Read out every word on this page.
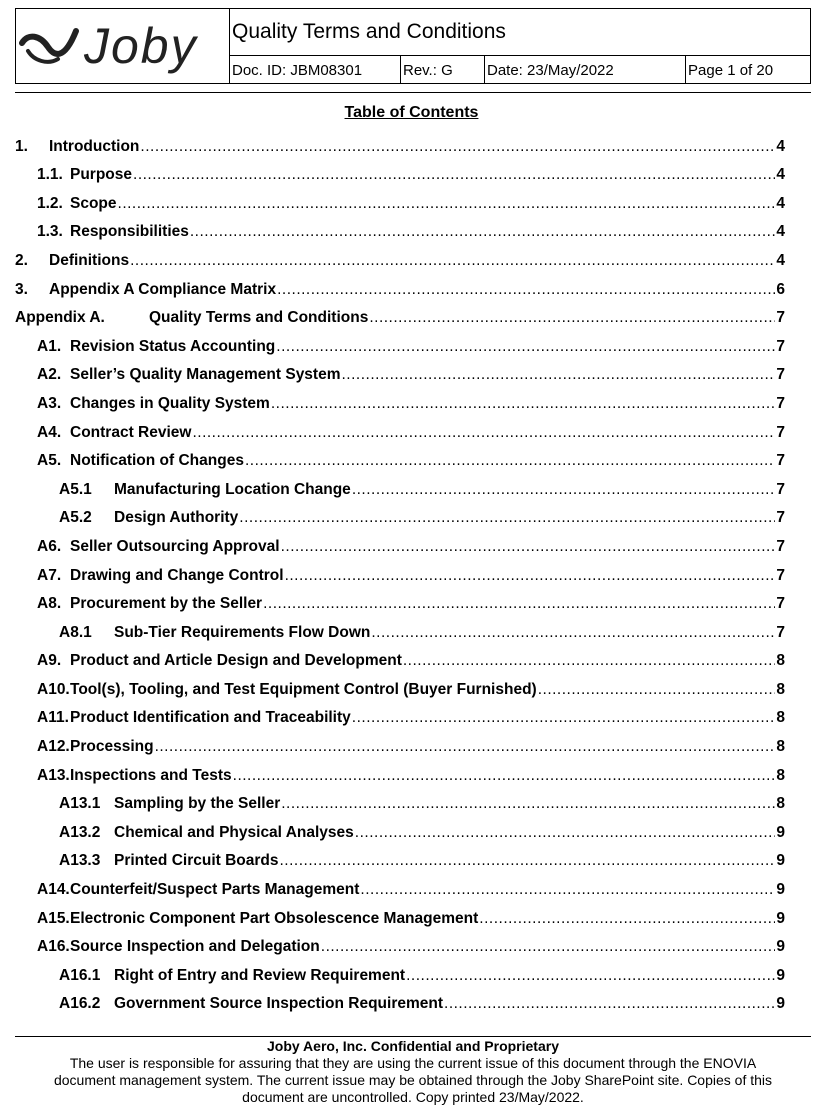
Joby Quality Terms and Conditions
Doc. ID: JBM08301	Rev.: G	Date: 23/May/2022	Page 1 of 20
Table of Contents
1.	Introduction .....	4
1.1. Purpose .....	4
1.2. Scope .....	4
1.3. Responsibilities .....	4
2.	Definitions .....	4
3.	Appendix A Compliance Matrix .....	6
Appendix A.	Quality Terms and Conditions .....	7
A1. Revision Status Accounting .....	7
A2. Seller’s Quality Management System .....	7
A3. Changes in Quality System .....	7
A4. Contract Review .....	7
A5. Notification of Changes .....	7
A5.1	Manufacturing Location Change .....	7
A5.2	Design Authority .....	7
A6. Seller Outsourcing Approval .....	7
A7. Drawing and Change Control .....	7
A8. Procurement by the Seller .....	7
A8.1	Sub-Tier Requirements Flow Down .....	7
A9. Product and Article Design and Development .....	8
A10. Tool(s), Tooling, and Test Equipment Control (Buyer Furnished) .....	8
A11. Product Identification and Traceability .....	8
A12. Processing .....	8
A13. Inspections and Tests .....	8
A13.1 Sampling by the Seller .....	8
A13.2 Chemical and Physical Analyses .....	9
A13.3 Printed Circuit Boards .....	9
A14. Counterfeit/Suspect Parts Management .....	9
A15. Electronic Component Part Obsolescence Management .....	9
A16. Source Inspection and Delegation .....	9
A16.1 Right of Entry and Review Requirement .....	9
A16.2 Government Source Inspection Requirement .....	9
Joby Aero, Inc. Confidential and Proprietary
The user is responsible for assuring that they are using the current issue of this document through the ENOVIA
document management system. The current issue may be obtained through the Joby SharePoint site. Copies of this
document are uncontrolled. Copy printed 23/May/2022.
